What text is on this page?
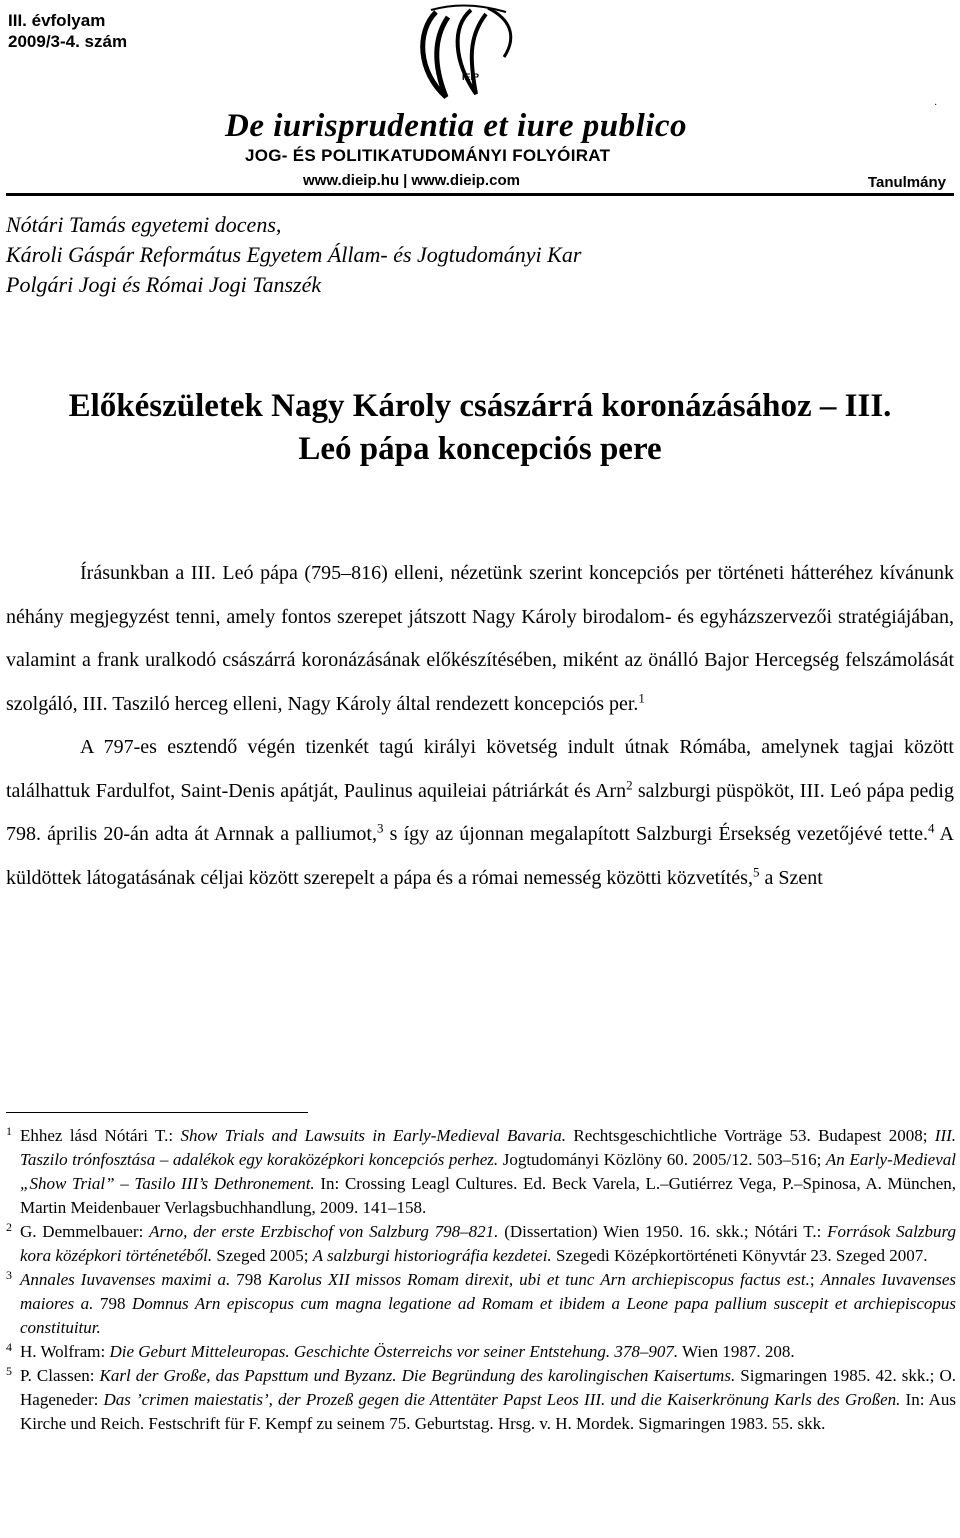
III. évfolyam
2009/3-4. szám
IEIP
·
De iurisprudentia et iure publico
JOG- ÉS POLITIKATUDOMÁNYI FOLYÓIRAT
www.dieip.hu | www.dieip.com	Tanulmány
Nótári Tamás egyetemi docens,
Károli Gáspár Református Egyetem Állam- és Jogtudományi Kar
Polgári Jogi és Római Jogi Tanszék
Előkészületek Nagy Károly császárrá koronázásához – III.
Leó pápa koncepciós pere

Írásunkban a III. Leó pápa (795–816) elleni, nézetünk szerint koncepciós per történeti hátteréhez kívánunk néhány megjegyzést tenni, amely fontos szerepet játszott Nagy Károly birodalom- és egyházszervezői stratégiájában, valamint a frank uralkodó császárrá koronázásának előkészítésében, miként az önálló Bajor Hercegség felszámolását szolgáló, III. Tasziló herceg elleni, Nagy Károly által rendezett koncepciós per.$^1$

A 797-es esztendő végén tizenkét tagú királyi követség indult útnak Rómába, amelynek tagjai között találhattuk Fardulfot, Saint-Denis apátját, Paulinus aquileiai pátriárkát és Arn$^2$ salzburgi püspököt, III. Leó pápa pedig 798. április 20-án adta át Arnnak a palliumot,$^3$ s így az újonnan megalapított Salzburgi Érsekség vezetőjévé tette.$^4$ A küldöttek látogatásának céljai között szerepelt a pápa és a római nemesség közötti közvetítés,$^5$ a Szent

1 Ehhez lásd Nótári T.: Show Trials and Lawsuits in Early-Medieval Bavaria. Rechtsgeschichtliche Vorträge 53. Budapest 2008; III. Taszilo trónfosztása – adalékok egy koraközépkori koncepciós perhez. Jogtudományi Közlöny 60. 2005/12. 503–516; An Early-Medieval „Show Trial” – Tasilo III’s Dethronement. In: Crossing Leagl Cultures. Ed. Beck Varela, L.–Gutiérrez Vega, P.–Spinosa, A. München, Martin Meidenbauer Verlagsbuchhandlung, 2009. 141–158.

2 G. Demmelbauer: Arno, der erste Erzbischof von Salzburg 798–821. (Dissertation) Wien 1950. 16. skk.; Nótári T.: Források Salzburg kora középkori történetéből. Szeged 2005; A salzburgi historiográfia kezdetei. Szegedi Középkortörténeti Könyvtár 23. Szeged 2007.

3 Annales Iuvavenses maximi a. 798 Karolus XII missos Romam direxit, ubi et tunc Arn archiepiscopus factus est.; Annales Iuvavenses maiores a. 798 Domnus Arn episcopus cum magna legatione ad Romam et ibidem a Leone papa pallium suscepit et archiepiscopus constituitur.

4 H. Wolfram: Die Geburt Mitteleuropas. Geschichte Österreichs vor seiner Entstehung. 378–907. Wien 1987. 208.

5 P. Classen: Karl der Große, das Papsttum und Byzanz. Die Begründung des karolingischen Kaisertums. Sigmaringen 1985. 42. skk.; O. Hageneder: Das ’crimen maiestatis’, der Prozeß gegen die Attentäter Papst Leos III. und die Kaiserkrönung Karls des Großen. In: Aus Kirche und Reich. Festschrift für F. Kempf zu seinem 75. Geburtstag. Hrsg. v. H. Mordek. Sigmaringen 1983. 55. skk.
